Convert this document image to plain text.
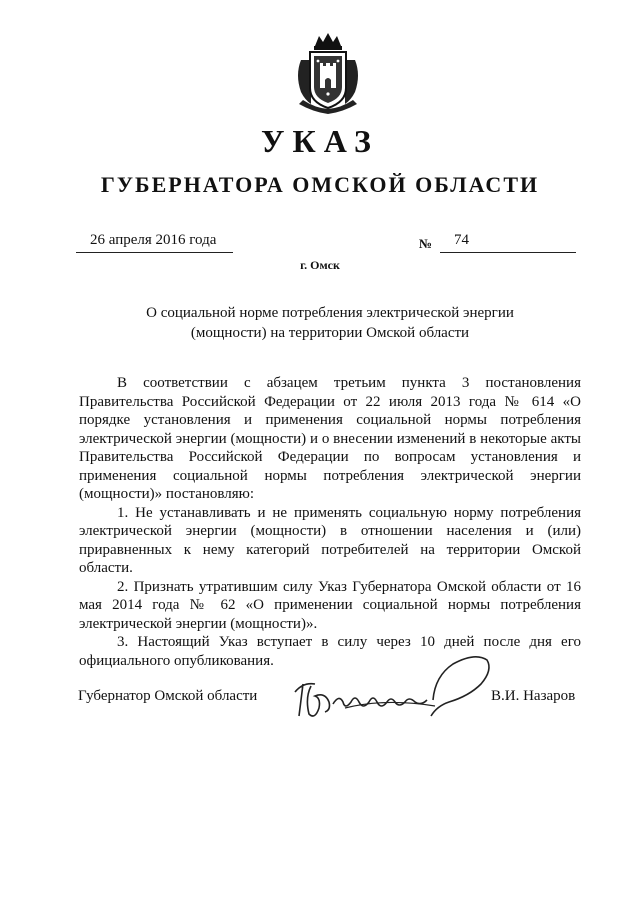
УКАЗ
ГУБЕРНАТОРА ОМСКОЙ ОБЛАСТИ
26 апреля 2016 года	№ 74
г. Омск
О социальной норме потребления электрической энергии
(мощности) на территории Омской области

В соответствии с абзацем третьим пункта 3 постановления Правительства Российской Федерации от 22 июля 2013 года № 614 «О порядке установления и применения социальной нормы потребления электрической энергии (мощности) и о внесении изменений в некоторые акты Правительства Российской Федерации по вопросам установления и применения социальной нормы потребления электрической энергии (мощности)» постановляю:

1. Не устанавливать и не применять социальную норму потребления электрической энергии (мощности) в отношении населения и (или) приравненных к нему категорий потребителей на территории Омской области.

2. Признать утратившим силу Указ Губернатора Омской области от 16 мая 2014 года № 62 «О применении социальной нормы потребления электрической энергии (мощности)».

3. Настоящий Указ вступает в силу через 10 дней после дня его официального опубликования.

Губернатор Омской области	В.И. Назаров
